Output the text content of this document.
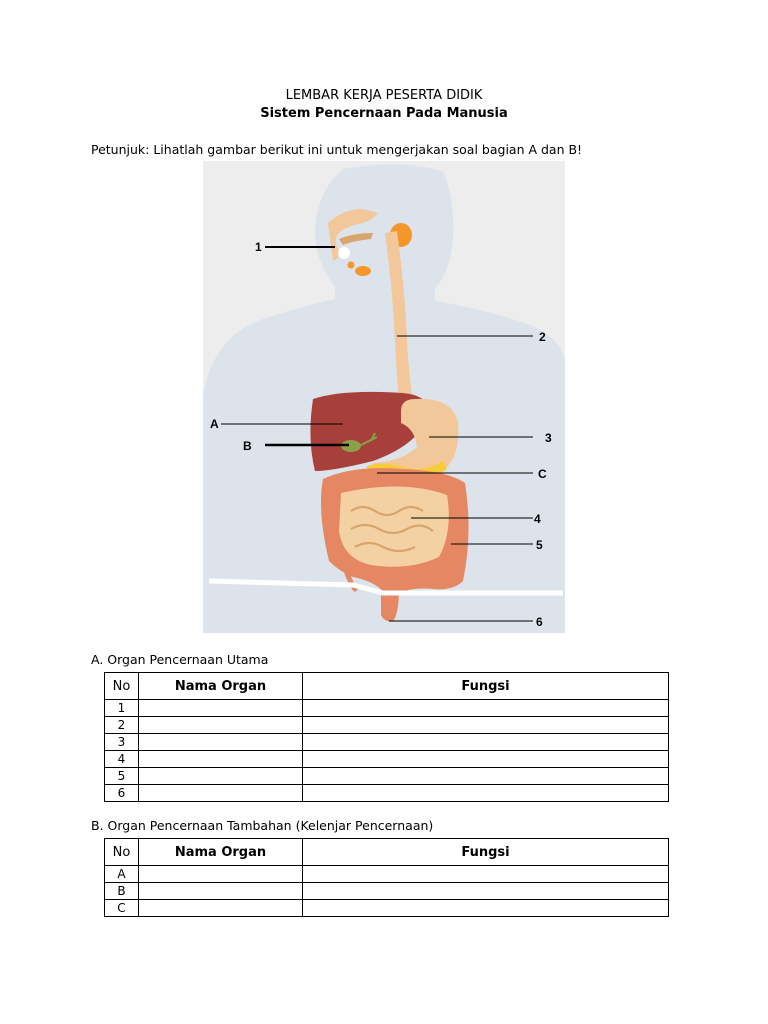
LEMBAR KERJA PESERTA DIDIK
Sistem Pencernaan Pada Manusia
Petunjuk: Lihatlah gambar berikut ini untuk mengerjakan soal bagian A dan B!
1
2
A
B
3
C
4
5
6
A. Organ Pencernaan Utama
No	Nama Organ	Fungsi
1		
2		
3		
4		
5		
6		
B. Organ Pencernaan Tambahan (Kelenjar Pencernaan)
No	Nama Organ	Fungsi
A		
B		
C		
